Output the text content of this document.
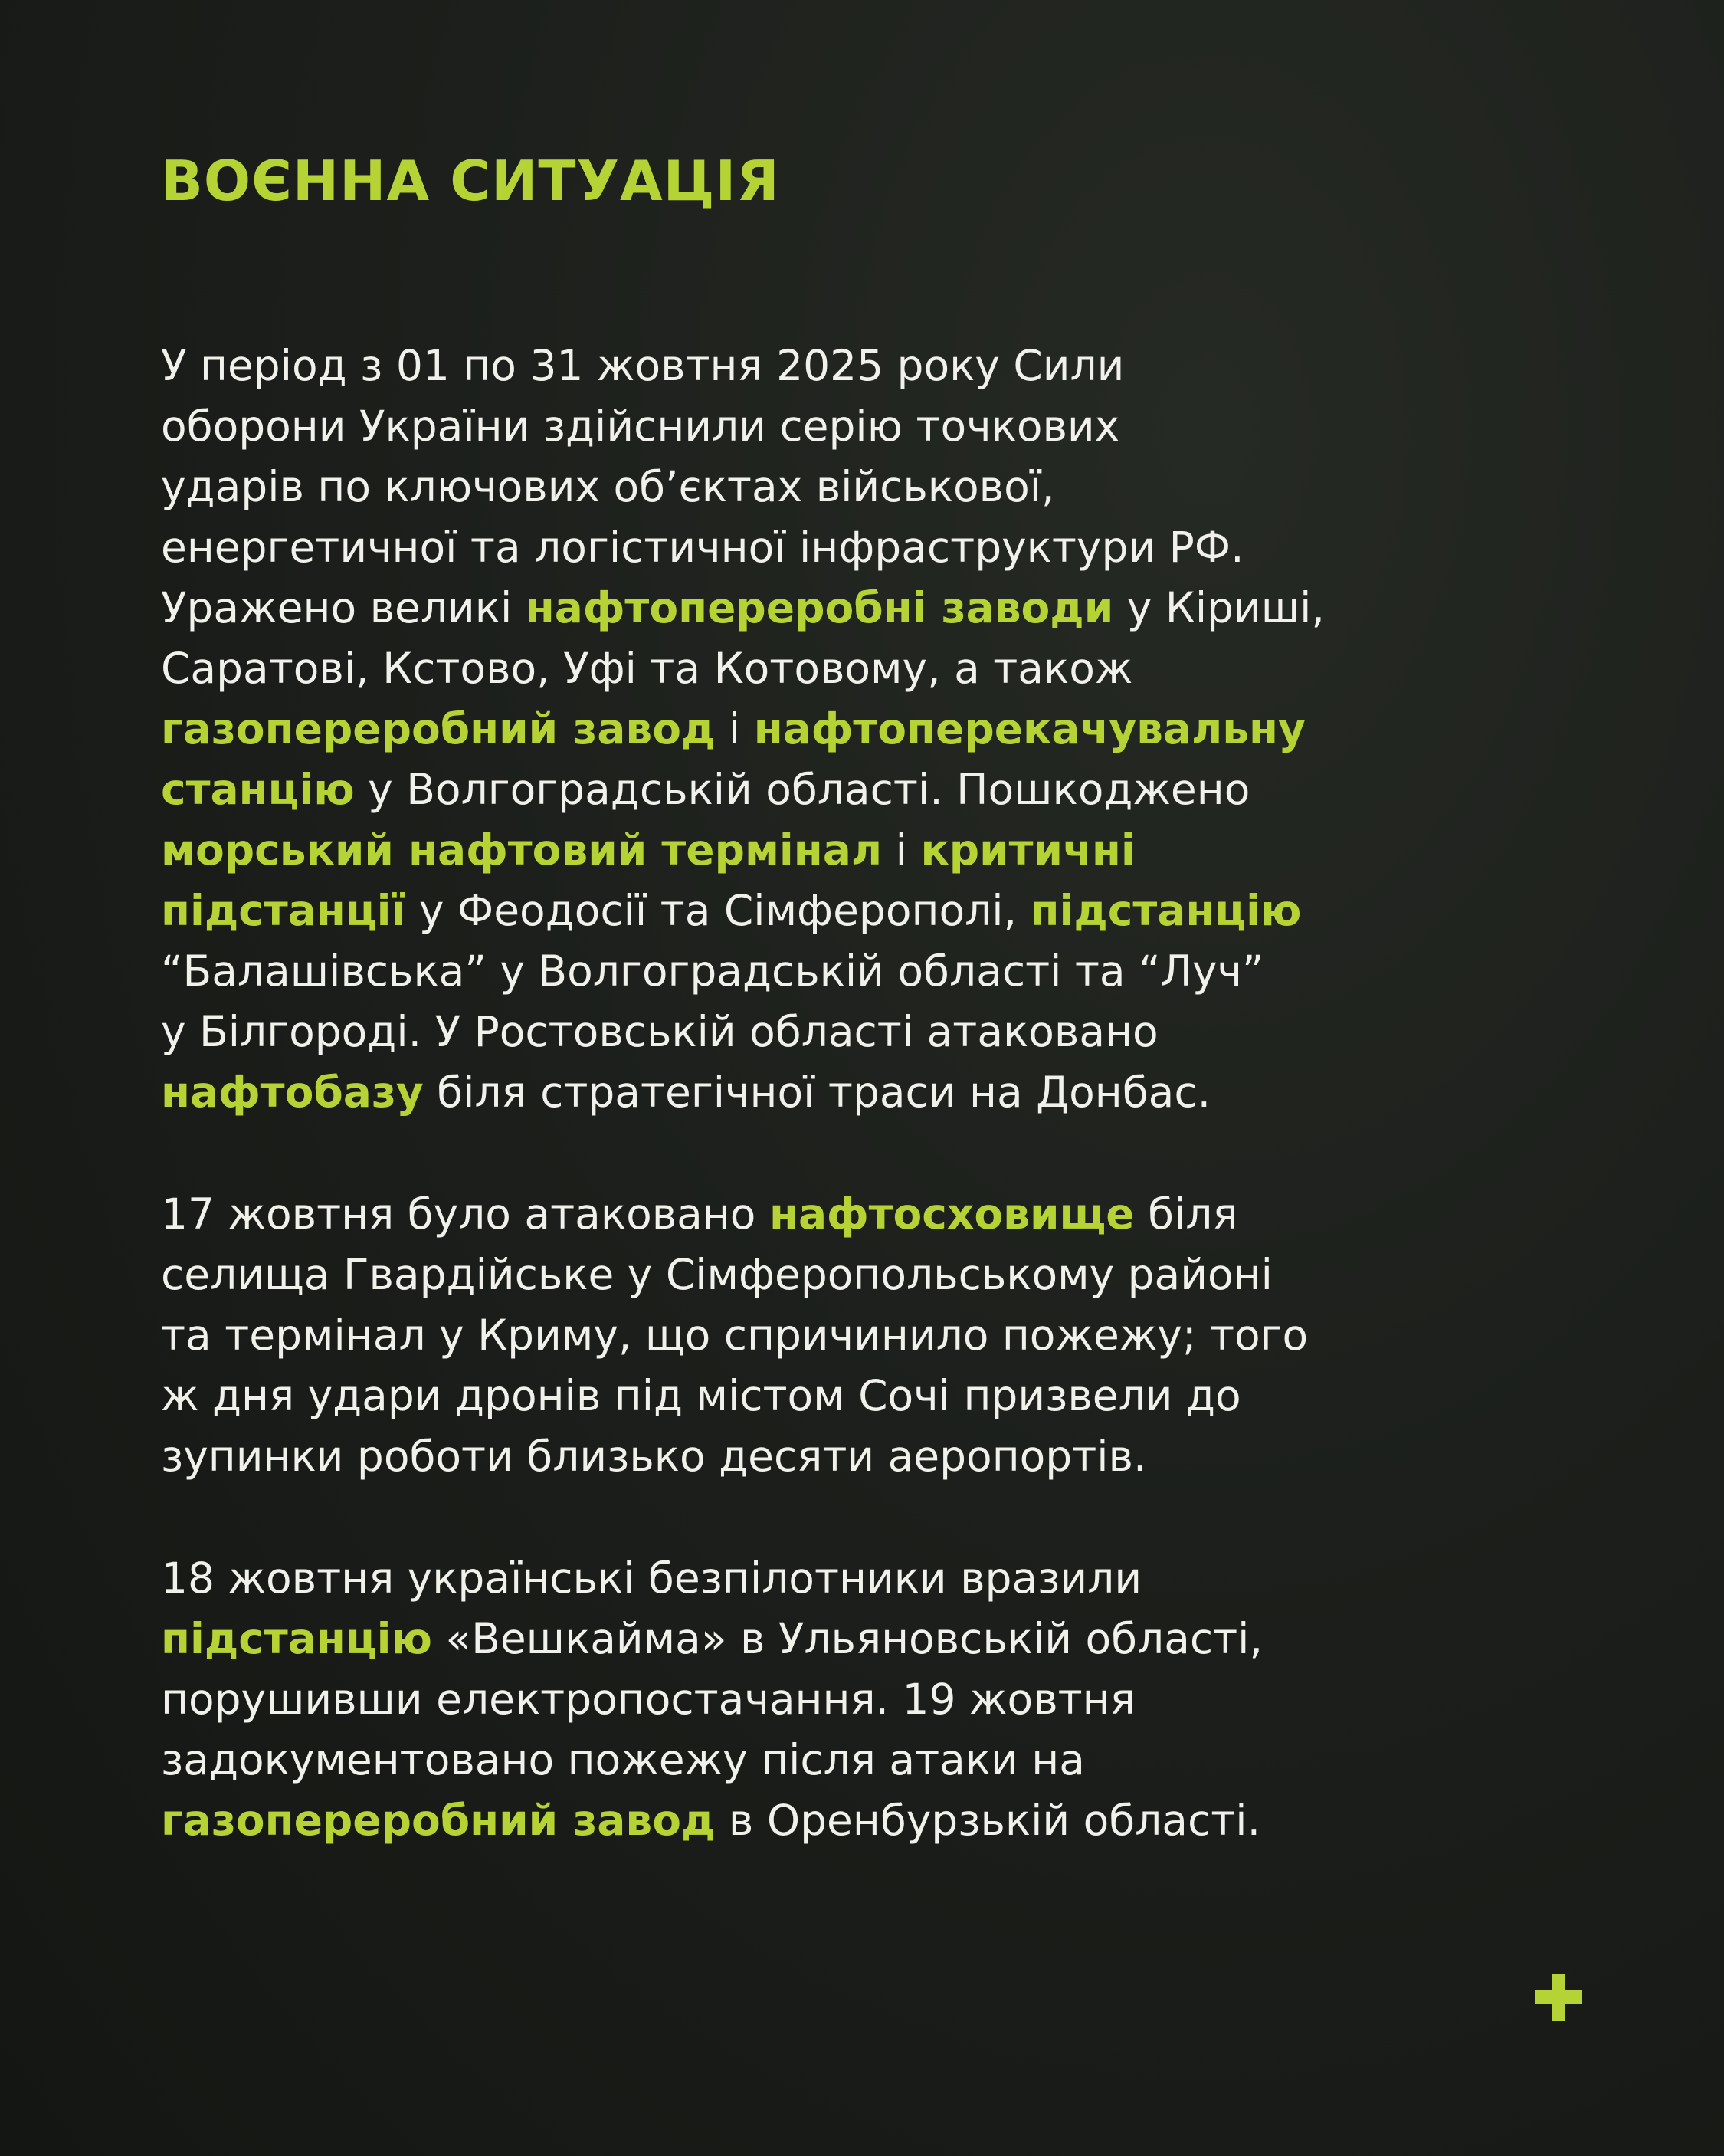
ВОЄННА СИТУАЦІЯ

У період з 01 по 31 жовтня 2025 року Сили
оборони України здійснили серію точкових
ударів по ключових об’єктах військової,
енергетичної та логістичної інфраструктури РФ.
Уражено великі нафтопереробні заводи у Кіриші,
Саратові, Кстово, Уфі та Котовому, а також
газопереробний завод і нафтоперекачувальну
станцію у Волгоградській області. Пошкоджено
морський нафтовий термінал і критичні
підстанції у Феодосії та Сімферополі, підстанцію
“Балашівська” у Волгоградській області та “Луч”
у Білгороді. У Ростовській області атаковано
нафтобазу біля стратегічної траси на Донбас.

17 жовтня було атаковано нафтосховище біля
селища Гвардійське у Сімферопольському районі
та термінал у Криму, що спричинило пожежу; того
ж дня удари дронів під містом Сочі призвели до
зупинки роботи близько десяти аеропортів.

18 жовтня українські безпілотники вразили
підстанцію «Вешкайма» в Ульяновській області,
порушивши електропостачання. 19 жовтня
задокументовано пожежу після атаки на
газопереробний завод в Оренбурзькій області.
